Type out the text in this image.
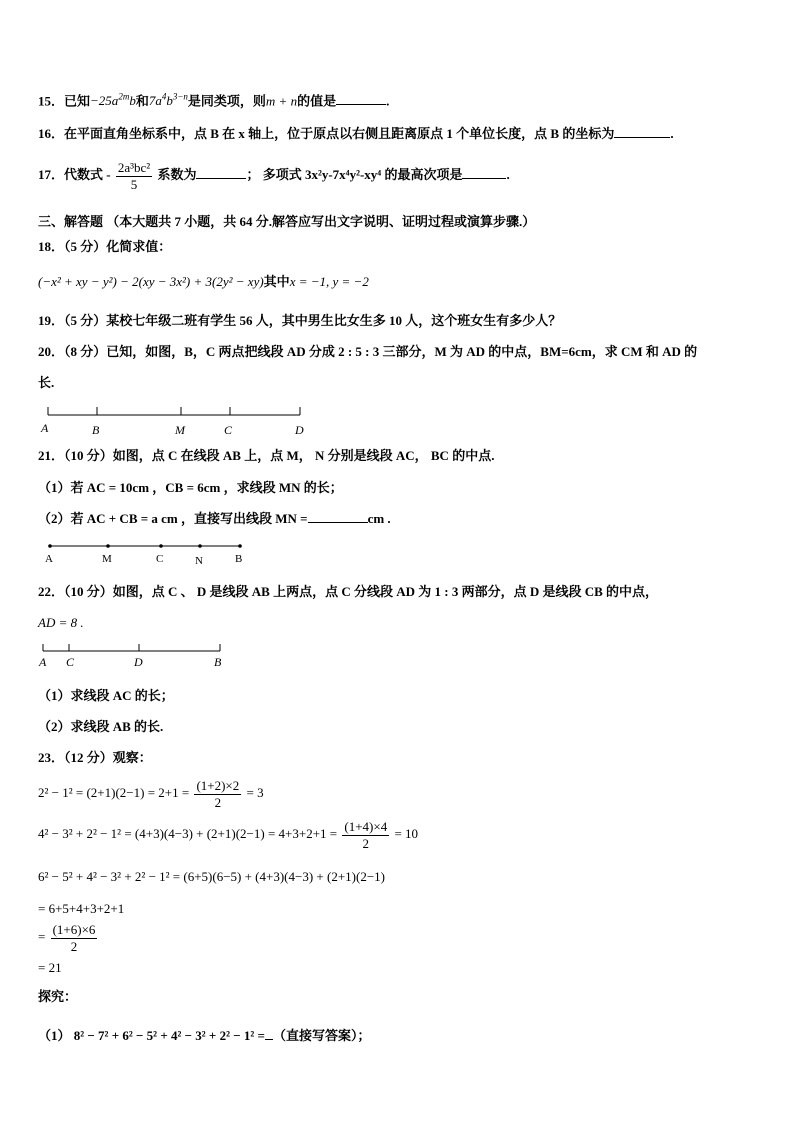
15．已知$-25a^{2m}b$和$7a^4b^{3-n}$是同类项，则m + n的值是	.
16．在平面直角坐标系中，点 B 在 x 轴上，位于原点以右侧且距离原点 1 个单位长度，点 B 的坐标为	.
17．代数式 - $\frac{\text{2a³bc²}}{5}$ 系数为	； 多项式 3x²y-7x⁴y²-xy⁴ 的最高次项是	.
三、解答题 （本大题共 7 小题，共 64 分.解答应写出文字说明、证明过程或演算步骤.）
18．（5 分）化简求值：
(−x² + xy − y²) − 2(xy − 3x²) + 3(2y² − xy)其中x = −1, y = −2
19．（5 分）某校七年级二班有学生 56 人，其中男生比女生多 10 人，这个班女生有多少人？
20．（8 分）已知，如图，B，C 两点把线段 AD 分成 2 : 5 : 3 三部分，M 为 AD 的中点，BM=6cm，求 CM 和 AD 的
长.
A	B	M	C	D
21．（10 分）如图，点 C 在线段 AB 上，点 M， N 分别是线段 AC， BC 的中点.
（1）若 AC = 10cm ，CB = 6cm ，求线段 MN 的长；
（2）若 AC + CB = a cm ，直接写出线段 MN =	cm .
A	M	C	N	B
22．（10 分）如图，点 C 、 D 是线段 AB 上两点，点 C 分线段 AD 为 1 : 3 两部分，点 D 是线段 CB 的中点，
AD = 8 .
A C	D	B
（1）求线段 AC 的长；
（2）求线段 AB 的长.
23．（12 分）观察：
$2^2 - 1^2 = (2+1)(2-1) = 2+1 = \frac{(1+2)\times 2}{2} = 3$
$4^2 - 3^2 + 2^2 - 1^2 = (4+3)(4-3) + (2+1)(2-1) = 4+3+2+1 = \frac{(1+4)\times 4}{2} = 10$
6² − 5² + 4² − 3² + 2² − 1² = (6+5)(6−5) + (4+3)(4−3) + (2+1)(2−1)
= 6+5+4+3+2+1
= $\frac{(1+6)\times 6}{2}$
= 21
探究：
（1） 8² − 7² + 6² − 5² + 4² − 3² + 2² − 1² = （直接写答案）；
